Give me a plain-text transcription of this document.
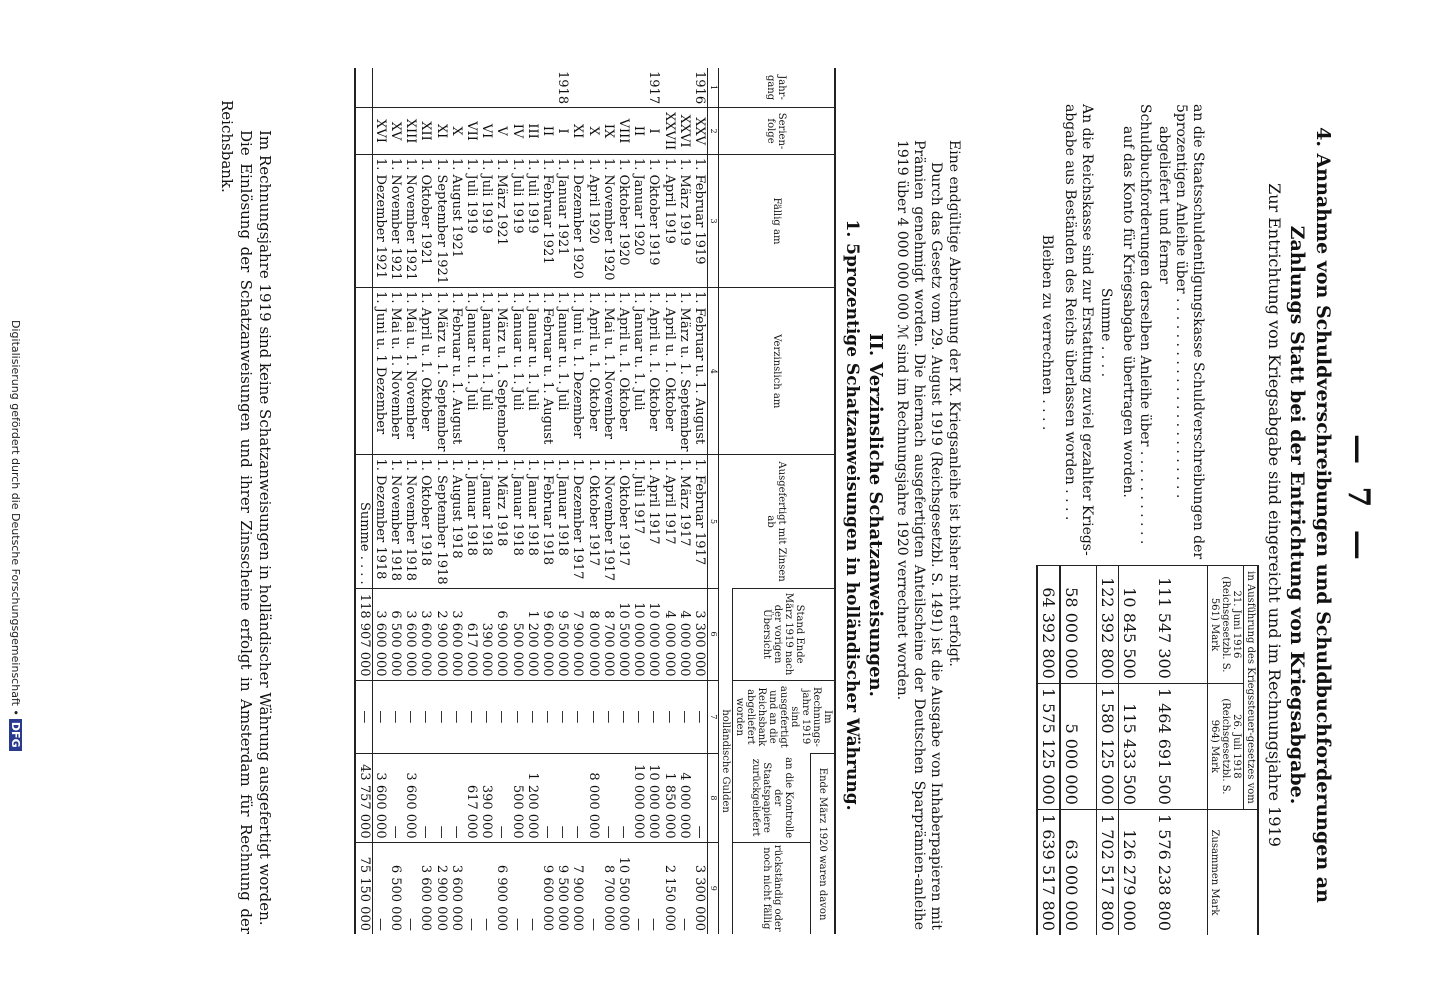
— 7 —
4. Annahme von Schuldverschreibungen und Schuldbuchforderungen an Zahlungs Statt bei der Entrichtung von Kriegsabgabe.
Zur Entrichtung von Kriegsabgabe sind eingereicht und im Rechnungsjahre 1919
	in Ausführung des Kriegssteuer-gesetzes vom		Zusammen Mark
	21. Juni 1916 (Reichsgesetzbl. S. 561) Mark	26. Juli 1918 (Reichsgesetzbl. S. 964) Mark	
an die Staatsschuldentilgungskasse Schuldverschreibungen der 5prozentigen Anleihe über . . . . . . . . . . . . . . . . . . . . . . .
abgeliefert und ferner	111 547 300	1 464 691 500	1 576 238 800
Schuldbuchforderungen derselben Anleihe über . . . . . . . . . . .
auf das Konto für Kriegsabgabe übertragen worden.	10 845 500	115 433 500	126 279 000
Summe . . . .	122 392 800	1 580 125 000	1 702 517 800
An die Reichskasse sind zur Erstattung zuviel gezahlter Kriegs-abgabe aus Beständen des Reichs überlassen worden . . . .	58 000 000	5 000 000	63 000 000
Bleiben zu verrechnen . . . .	64 392 800	1 575 125 000	1 639 517 800
Eine endgültige Abrechnung der IX. Kriegsanleihe ist bisher nicht erfolgt.
Durch das Gesetz vom 29. August 1919 (Reichsgesetzbl. S. 1491) ist die Ausgabe von Inhaberpapieren mit Prämien genehmigt worden. Die hiernach ausgefertigten Anteilscheine der Deutschen Sparprämien-anleihe 1919 über 4 000 000 000 ℳ sind im Rechnungsjahre 1920 verrechnet worden.
II. Verzinsliche Schatzanweisungen.
1. 5prozentige Schatzanweisungen in holländischer Währung.
Jahr-gang	Serien-folge	Fällig am	Verzinslich am	Ausgefertigt mit Zinsen ab	Stand Ende März 1919 nach der vorigen Übersicht	Im Rechnungs-jahre 1919 sind ausgefertigt und an die Reichsbank abgeliefert worden	Ende März 1920 waren davon	
							an die Kontrolle der Staatspapiere zurückgeliefert	rückständig oder noch nicht fällig
					holländische Gulden			
1	2	3	4	5	6	7	8	9
1916	XXV	1. Februar 1919	1. Februar u. 1. August	1. Februar 1917	3 300 000	—	—	3 300 000
	XXVI	1. März 1919	1. März u. 1. September	1. März 1917	4 000 000	—	4 000 000	—
	XXVII	1. April 1919	1. April u. 1. Oktober	1. April 1917	4 000 000	—	1 850 000	2 150 000
1917	I	1. Oktober 1919	1. April u. 1. Oktober	1. April 1917	10 000 000	—	10 000 000	—
	II	1. Januar 1920	1. Januar u. 1. Juli	1. Juli 1917	10 000 000	—	10 000 000	—
	VIII	1. Oktober 1920	1. April u. 1. Oktober	1. Oktober 1917	10 500 000	—	—	10 500 000
	IX	1. November 1920	1. Mai u. 1. November	1. November 1917	8 700 000	—	—	8 700 000
	X	1. April 1920	1. April u. 1. Oktober	1. Oktober 1917	8 000 000	—	8 000 000	—
	XI	1. Dezember 1920	1. Juni u. 1. Dezember	1. Dezember 1917	7 900 000	—	—	7 900 000
1918	I	1. Januar 1921	1. Januar u. 1. Juli	1. Januar 1918	9 500 000	—	—	9 500 000
	II	1. Februar 1921	1. Februar u. 1. August	1. Februar 1918	9 600 000	—	—	9 600 000
	III	1. Juli 1919	1. Januar u. 1. Juli	1. Januar 1918	1 200 000	—	1 200 000	—
	IV	1. Juli 1919	1. Januar u. 1. Juli	1. Januar 1918	500 000	—	500 000	—
	V	1. März 1921	1. März u. 1. September	1. März 1918	6 900 000	—	—	6 900 000
	VI	1. Juli 1919	1. Januar u. 1. Juli	1. Januar 1918	390 000	—	390 000	—
	VII	1. Juli 1919	1. Januar u. 1. Juli	1. Januar 1918	617 000	—	617 000	—
	X	1. August 1921	1. Februar u. 1. August	1. August 1918	3 600 000	—	—	3 600 000
	XI	1. September 1921	1. März u. 1. September	1. September 1918	2 900 000	—	—	2 900 000
	XII	1. Oktober 1921	1. April u. 1. Oktober	1. Oktober 1918	3 600 000	—	—	3 600 000
	XIII	1. November 1921	1. Mai u. 1. November	1. November 1918	3 600 000	—	3 600 000	—
	XV	1. November 1921	1. Mai u. 1. November	1. November 1918	6 500 000	—	—	6 500 000
	XVI	1. Dezember 1921	1. Juni u. 1 Dezember	1. Dezember 1918	3 600 000	—	3 600 000	—
				Summe . . . .	118 907 000	—	43 757 000	75 150 000

Im Rechnungsjahre 1919 sind keine Schatzanweisungen in holländischer Währung ausgefertigt worden.

Die Einlösung der Schatzanweisungen und ihrer Zinsscheine erfolgt in Amsterdam für Rechnung der Reichsbank.

Digitalisierung gefördert durch die Deutsche Forschungsgemeinschaft •DFG
